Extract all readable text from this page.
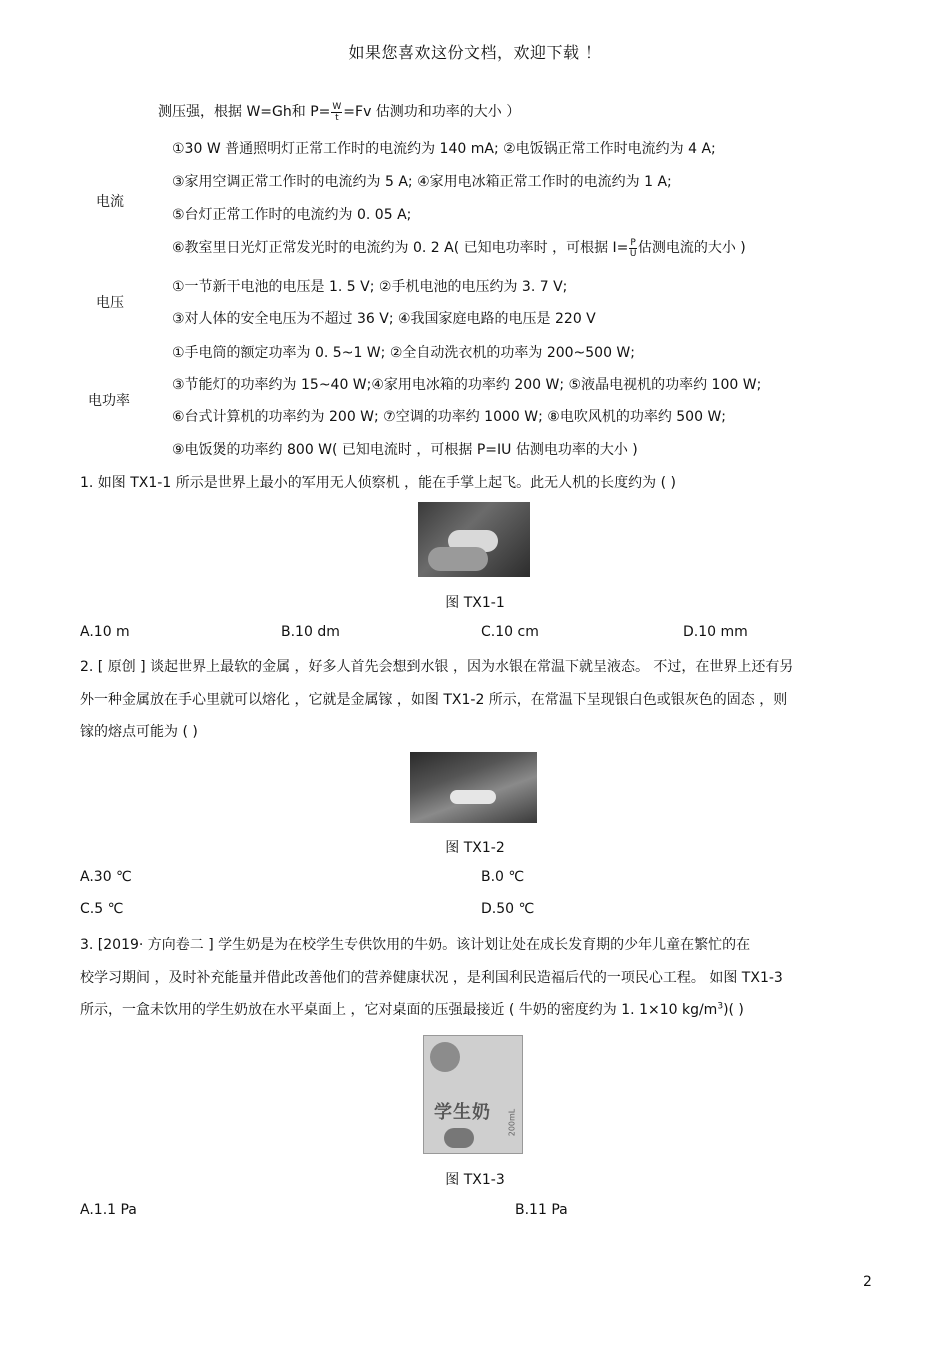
如果您喜欢这份文档，欢迎下载 ！
测压强，根据 W=Gh和 $P= \frac{W}{t} =Fv$ 估测功和功率的大小 ）
电流
①30 W 普通照明灯正常工作时的电流约为 140 mA; ②电饭锅正常工作时电流约为 4 A;
③家用空调正常工作时的电流约为 5 A; ④家用电冰箱正常工作时的电流约为 1 A;
⑤台灯正常工作时的电流约为 0. 05 A;
⑥教室里日光灯正常发光时的电流约为 0. 2 A( 已知电功率时 ，可根据 $I= \frac{P}{U}$ 估测电流的大小 )
电压
①一节新干电池的电压是 1. 5 V; ②手机电池的电压约为 3. 7 V;
③对人体的安全电压为不超过 36 V; ④我国家庭电路的电压是 220 V
电功率
①手电筒的额定功率为 0. 5~1 W; ②全自动洗衣机的功率为 200~500 W;
③节能灯的功率约为 15~40 W;④家用电冰箱的功率约 200 W; ⑤液晶电视机的功率约 100 W;
⑥台式计算机的功率约为 200 W; ⑦空调的功率约 1000 W; ⑧电吹风机的功率约 500 W;
⑨电饭煲的功率约 800 W( 已知电流时 ，可根据 P=IU 估测电功率的大小 )
1. 如图 TX1-1 所示是世界上最小的军用无人侦察机 ，能在手掌上起飞。此无人机的长度约为 ( )
图 TX1-1
A.10 m	B.10 dm	C.10 cm	D.10 mm
2. [ 原创 ] 谈起世界上最软的金属 ，好多人首先会想到水银 ，因为水银在常温下就呈液态。 不过，在世界上还有另
外一种金属放在手心里就可以熔化 ，它就是金属镓 ，如图 TX1-2 所示，在常温下呈现银白色或银灰色的固态 ，则
镓的熔点可能为 ( )
图 TX1-2
A.30 ℃	B.0 ℃
C.5 ℃	D.50 ℃
3. [2019· 方向卷二 ] 学生奶是为在校学生专供饮用的牛奶。该计划让处在成长发育期的少年儿童在繁忙的在
校学习期间 ，及时补充能量并借此改善他们的营养健康状况 ，是利国利民造福后代的一项民心工程。 如图 TX1-3
所示，一盒未饮用的学生奶放在水平桌面上 ，它对桌面的压强最接近 ( 牛奶的密度约为 1. 1×10 $kg/m^3$)( )
学生奶 200mL
图 TX1-3
A.1.1 Pa	B.11 Pa
2
